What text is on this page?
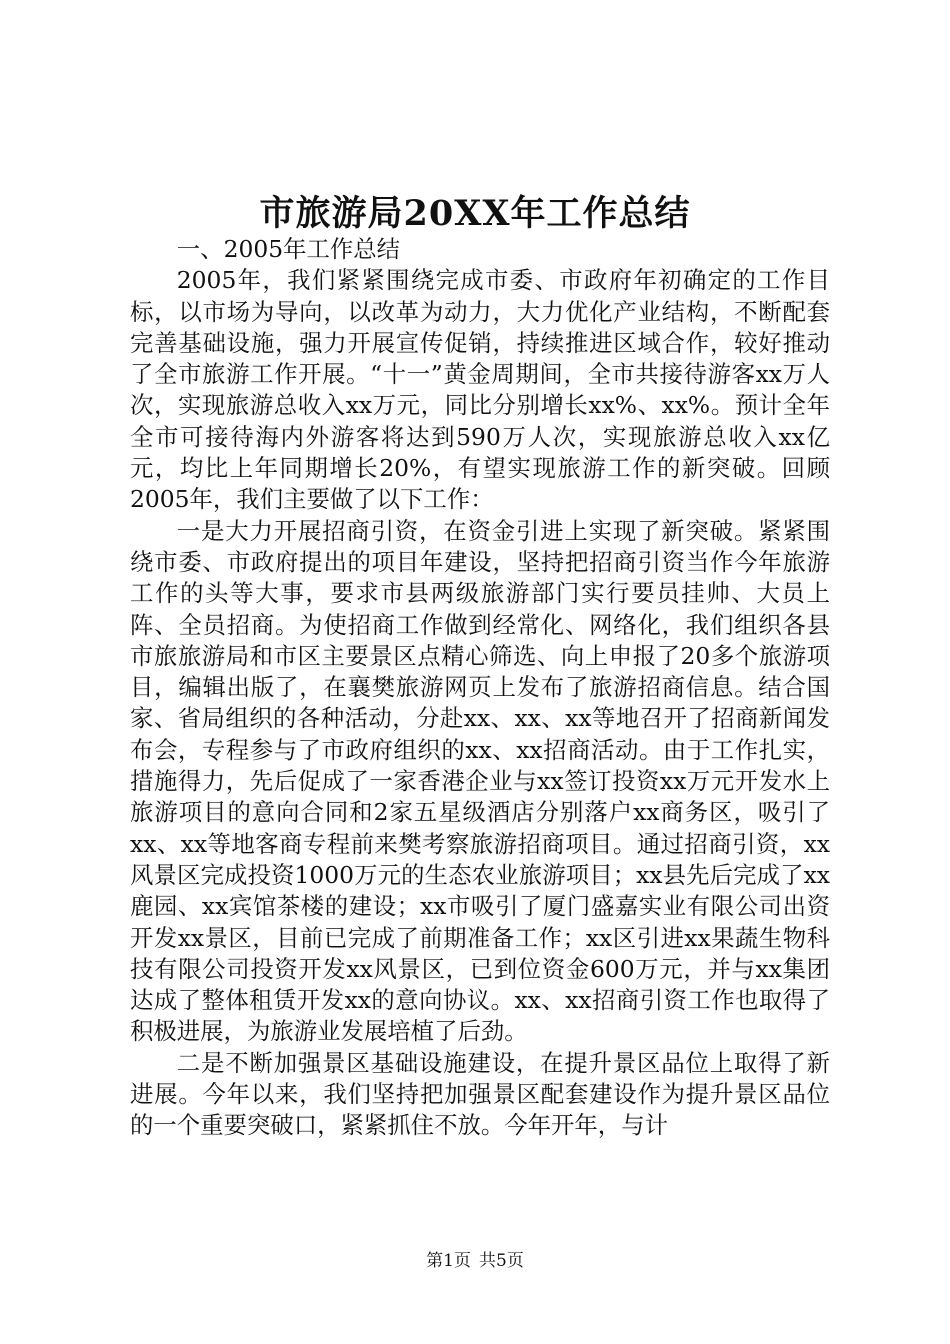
市旅游局20XX年工作总结

一、2005年工作总结

2005年，我们紧紧围绕完成市委、市政府年初确定的工作目标，以市场为导向，以改革为动力，大力优化产业结构，不断配套完善基础设施，强力开展宣传促销，持续推进区域合作，较好推动了全市旅游工作开展。“十一”黄金周期间，全市共接待游客xx万人次，实现旅游总收入xx万元，同比分别增长xx%、xx%。预计全年全市可接待海内外游客将达到590万人次，实现旅游总收入xx亿元，均比上年同期增长20%，有望实现旅游工作的新突破。回顾2005年，我们主要做了以下工作：

一是大力开展招商引资，在资金引进上实现了新突破。紧紧围绕市委、市政府提出的项目年建设，坚持把招商引资当作今年旅游工作的头等大事，要求市县两级旅游部门实行要员挂帅、大员上阵、全员招商。为使招商工作做到经常化、网络化，我们组织各县市旅旅游局和市区主要景区点精心筛选、向上申报了20多个旅游项目，编辑出版了，在襄樊旅游网页上发布了旅游招商信息。结合国家、省局组织的各种活动，分赴xx、xx、xx等地召开了招商新闻发布会，专程参与了市政府组织的xx、xx招商活动。由于工作扎实，措施得力，先后促成了一家香港企业与xx签订投资xx万元开发水上旅游项目的意向合同和2家五星级酒店分别落户xx商务区，吸引了xx、xx等地客商专程前来樊考察旅游招商项目。通过招商引资，xx风景区完成投资1000万元的生态农业旅游项目；xx县先后完成了xx鹿园、xx宾馆茶楼的建设；xx市吸引了厦门盛嘉实业有限公司出资开发xx景区，目前已完成了前期准备工作；xx区引进xx果蔬生物科技有限公司投资开发xx风景区，已到位资金600万元，并与xx集团达成了整体租赁开发xx的意向协议。xx、xx招商引资工作也取得了积极进展，为旅游业发展培植了后劲。

二是不断加强景区基础设施建设，在提升景区品位上取得了新进展。今年以来，我们坚持把加强景区配套建设作为提升景区品位的一个重要突破口，紧紧抓住不放。今年开年，与计

第1页 共5页
